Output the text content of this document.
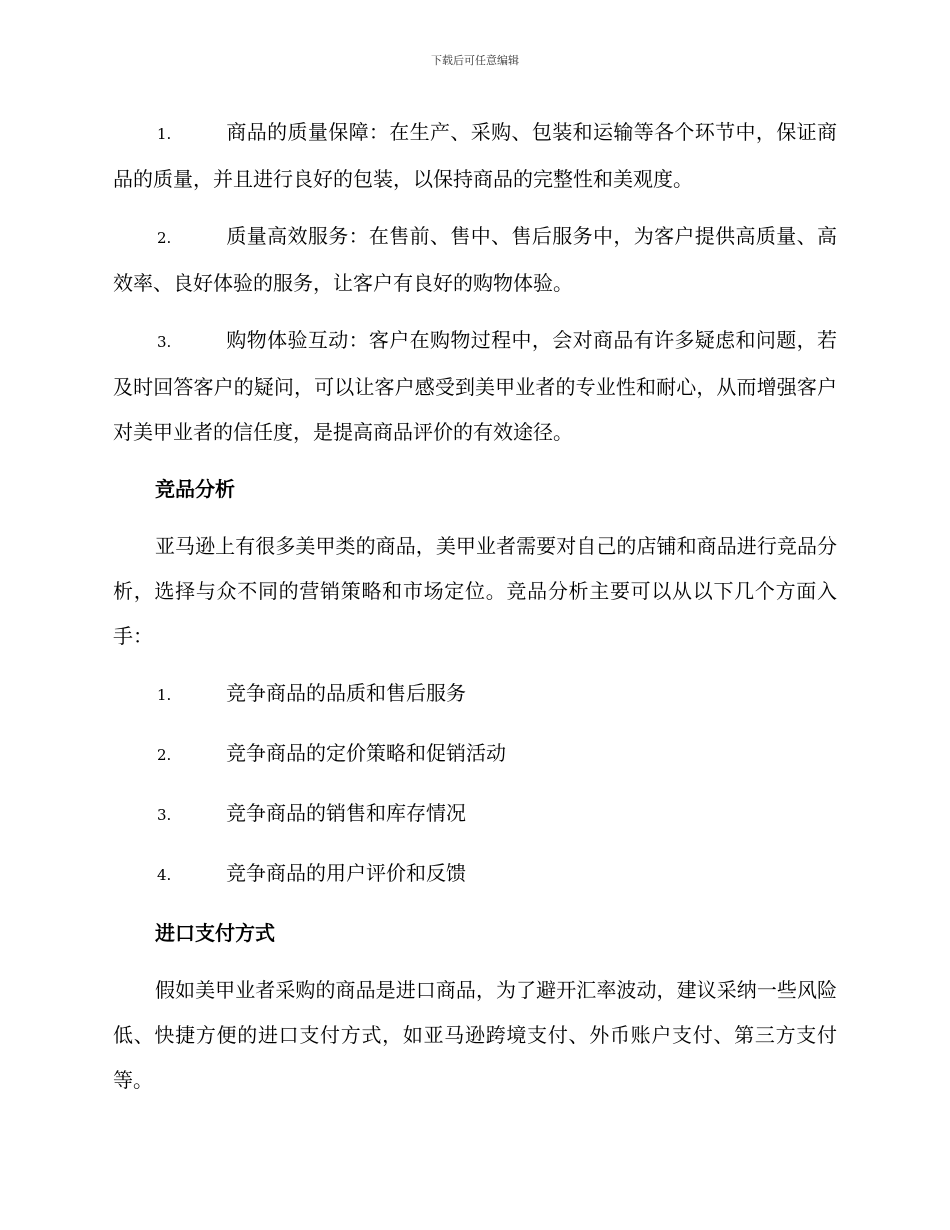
下载后可任意编辑
1.	商品的质量保障：在生产、采购、包装和运输等各个环节中，保证商品的质量，并且进行良好的包装，以保持商品的完整性和美观度。
2.	质量高效服务：在售前、售中、售后服务中，为客户提供高质量、高效率、良好体验的服务，让客户有良好的购物体验。
3.	购物体验互动：客户在购物过程中，会对商品有许多疑虑和问题，若及时回答客户的疑问，可以让客户感受到美甲业者的专业性和耐心，从而增强客户对美甲业者的信任度，是提高商品评价的有效途径。
竞品分析
亚马逊上有很多美甲类的商品，美甲业者需要对自己的店铺和商品进行竞品分析，选择与众不同的营销策略和市场定位。竞品分析主要可以从以下几个方面入手：
1.	竞争商品的品质和售后服务
2.	竞争商品的定价策略和促销活动
3.	竞争商品的销售和库存情况
4.	竞争商品的用户评价和反馈
进口支付方式
假如美甲业者采购的商品是进口商品，为了避开汇率波动，建议采纳一些风险低、快捷方便的进口支付方式，如亚马逊跨境支付、外币账户支付、第三方支付等。
